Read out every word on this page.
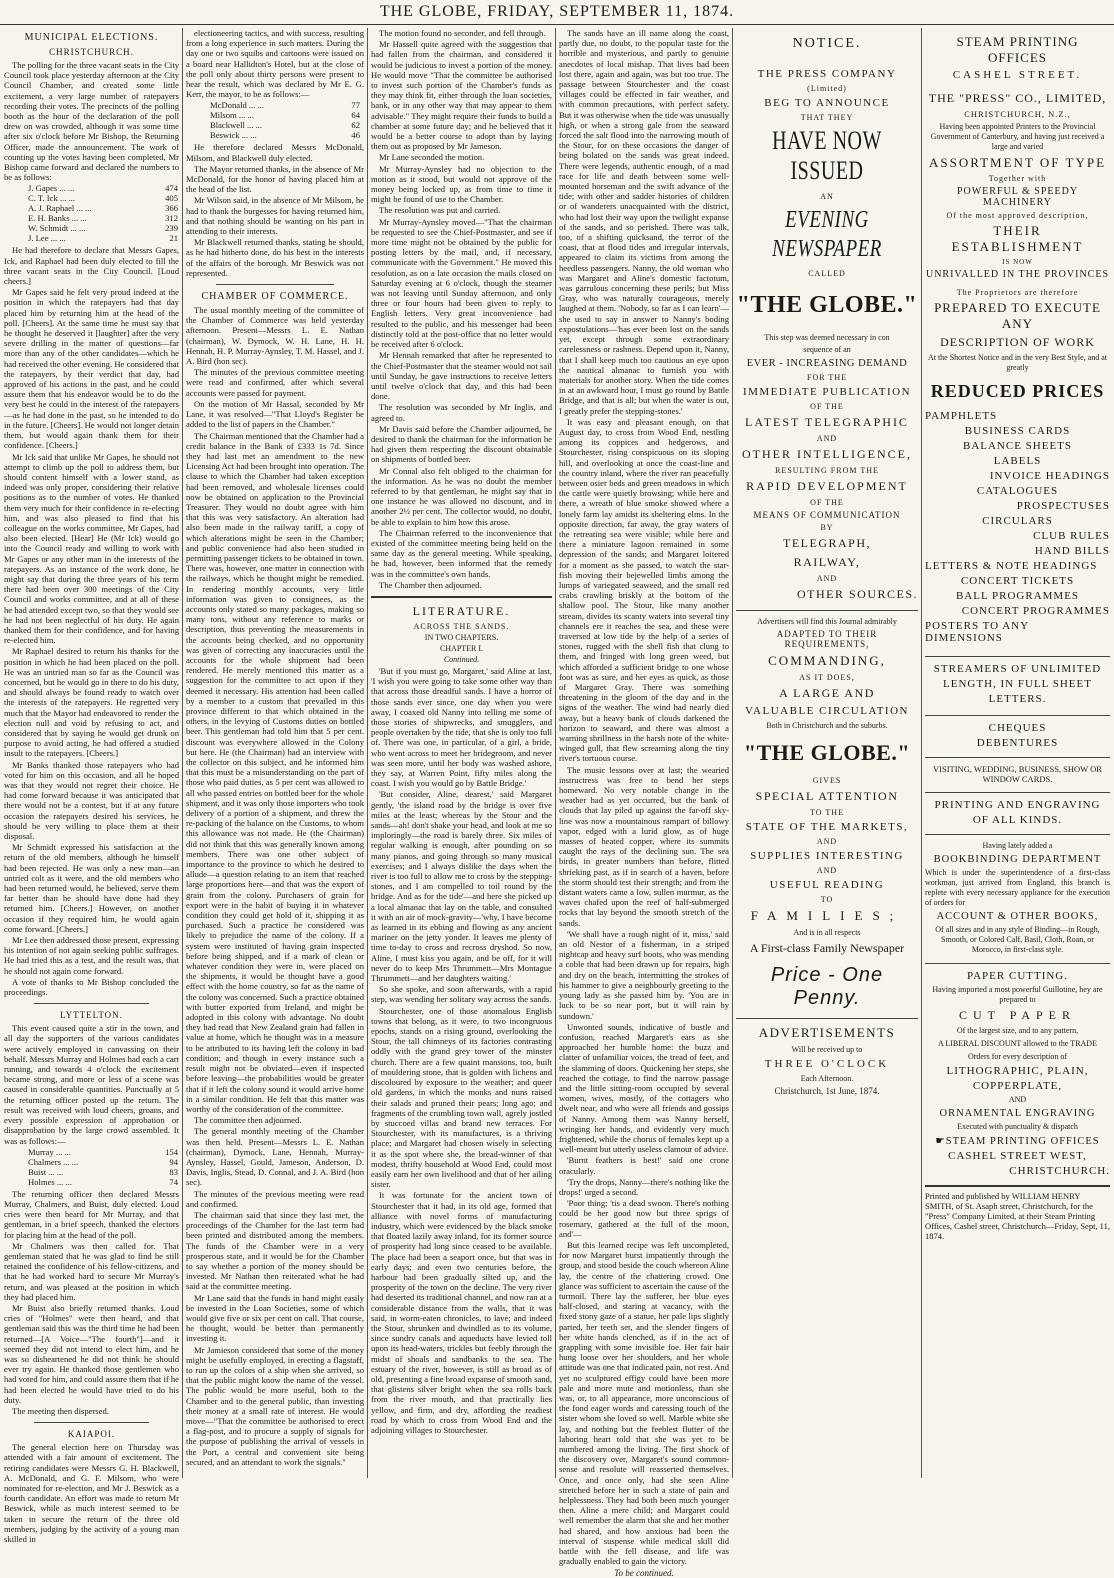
THE GLOBE, FRIDAY, SEPTEMBER 11, 1874.
MUNICIPAL ELECTIONS.
CHRISTCHURCH.

The polling for the three vacant seats in the City Council took place yesterday afternoon at the City Council Chamber, and created some little excitement, a very large number of ratepayers recording their votes. The precincts of the polling booth as the hour of the declaration of the poll drew on was crowded, although it was some time after six o'clock before Mr Bishop, the Returning Officer, made the announcement. The work of counting up the votes having been completed, Mr Bishop came forward and declared the numbers to be as follows:

J. Gapes ... ...	474
C. T. Ick ... ...	405
A. J. Raphael ... ...	366
E. H. Banks ... ...	312
W. Schmidt ... ...	239
J. Lee ... ...	21

He had therefore to declare that Messrs Gapes, Ick, and Raphael had been duly elected to fill the three vacant seats in the City Council. [Loud cheers.]

Mr Gapes said he felt very proud indeed at the position in which the ratepayers had that day placed him by returning him at the head of the poll. [Cheers]. At the same time he must say that he thought he deserved it [laughter] after the very severe drilling in the matter of questions—far more than any of the other candidates—which he had received the other evening. He considered that the ratepayers, by their verdict that day, had approved of his actions in the past, and he could assure them that his endeavor would be to do the very best he could in the interest of the ratepayers—as he had done in the past, so he intended to do in the future. [Cheers]. He would not longer detain them, but would again thank them for their confidence. [Cheers.]

Mr Ick said that unlike Mr Gapes, he should not attempt to climb up the poll to address them, but should content himself with a lower stand, as indeed was only proper, considering their relative positions as to the number of votes. He thanked them very much for their confidence in re-electing him, and was also pleased to find that his colleague on the works committee, Mr Gapes, had also been elected. [Hear] He (Mr Ick) would go into the Council ready and willing to work with Mr Gapes or any other man in the interests of the ratepayers. As an instance of the work done, he might say that during the three years of his term there had been over 300 meetings of the City Council and works committee, and at all of these he had attended except two, so that they would see he had not been neglectful of his duty. He again thanked them for their confidence, and for having re-elected him.

Mr Raphael desired to return his thanks for the position in which he had been placed on the poll. He was an untried man so far as the Council was concerned, but he would go in there to do his duty, and should always be found ready to watch over the interests of the ratepayers. He regretted very much that the Mayor had endeavored to render the election null and void by refusing to act, and considered that by saying he would get drunk on purpose to avoid acting, he had offered a studied insult to the ratepayers. [Cheers.]

Mr Banks thanked those ratepayers who had voted for him on this occasion, and all he hoped was that they would not regret their choice. He had come forward because it was anticipated that there would not be a contest, but if at any future occasion the ratepayers desired his services, he should be very willing to place them at their disposal.

Mr Schmidt expressed his satisfaction at the return of the old members, although he himself had been rejected. He was only a new man—an untried colt as it were, and the old members who had been returned would, he believed, serve them far better than he should have done had they returned him. [Cheers.] However, on another occasion if they required him, he would again come forward. [Cheers.]

Mr Lee then addressed those present, expressing his intention of not again seeking public suffrages. He had tried this as a test, and the result was, that he should not again come forward.

A vote of thanks to Mr Bishop concluded the proceedings.

LYTTELTON.

This event caused quite a stir in the town, and all day the supporters of the various candidates were actively employed in canvassing on their behalf. Messrs Murray and Holmes had each a cart running, and towards 4 o'clock the excitement became strong, and more or less of a scene was caused in considerable quantities. Punctually at 5 the returning officer posted up the return. The result was received with loud cheers, groans, and every possible expression of approbation or disapprobation by the large crowd assembled. It was as follows:—

Murray ... ...	154
Chalmers ... ...	94
Buist ... ...	83
Holmes ... ...	74

The returning officer then declared Messrs Murray, Chalmers, and Buist, duly elected. Loud cries were then heard for Mr Murray, and that gentleman, in a brief speech, thanked the electors for placing him at the head of the poll.

Mr Chalmers was then called for. That gentleman stated that he was glad to find he still retained the confidence of his fellow-citizens, and that he had worked hard to secure Mr Murray's return, and was pleased at the position in which they had placed him.

Mr Buist also briefly returned thanks. Loud cries of "Holmes" were then heard, and that gentleman said this was the third time he had been returned—[A Voice—"The fourth"]—and it seemed they did not intend to elect him, and he was so disheartened he did not think he should ever try again. He thanked those gentlemen who had voted for him, and could assure them that if he had been elected he would have tried to do his duty.

The meeting then dispersed.

KAIAPOI.

The general election here on Thursday was attended with a fair amount of excitement. The retiring candidates were Messrs G. H. Blackwell, A. McDonald, and G. F. Milsom, who were nominated for re-election, and Mr J. Beswick as a fourth candidate. An effort was made to return Mr Beswick, while as much interest seemed to be taken to secure the return of the three old members, judging by the activity of a young man skilled in

electioneering tactics, and with success, resulting from a long experience in such matters. During the day one or two squibs and cartoons were issued on a board near Hallidton's Hotel, but at the close of the poll only about thirty persons were present to hear the result, which was declared by Mr E. G. Kerr, the mayor, to be as follows:—

McDonald ... ...	77
Milsom ... ...	64
Blackwell ... ...	62
Beswick ... ...	46

He therefore declared Messrs McDonald, Milsom, and Blackwell duly elected.

The Mayor returned thanks, in the absence of Mr McDonald, for the honor of having placed him at the head of the list.

Mr Wilson said, in the absence of Mr Milsom, he had to thank the burgesses for having returned him, and that nothing should be wanting on his part in attending to their interests.

Mr Blackwell returned thanks, stating he should, as he had hitherto done, do his best in the interests of the affairs of the borough. Mr Beswick was not represented.

CHAMBER OF COMMERCE.

The usual monthly meeting of the committee of the Chamber of Commerce was held yesterday afternoon. Present—Messrs L. E. Nathan (chairman), W. Dymock, W. H. Lane, H. H. Hennah, H. P. Murray-Aynsley, T. M. Hassel, and J. A. Bird (hon sec).

The minutes of the previous committee meeting were read and confirmed, after which several accounts were passed for payment.

On the motion of Mr Hassal, seconded by Mr Lane, it was resolved—"That Lloyd's Register be added to the list of papers in the Chamber."

The Chairman mentioned that the Chamber had a credit balance in the Bank of £333 1s 7d. Since they had last met an amendment to the new Licensing Act had been brought into operation. The clause to which the Chamber had taken exception had been removed, and wholesale licenses could now be obtained on application to the Provincial Treasurer. They would no doubt agree with him that this was very satisfactory. An alteration had also been made in the railway tariff, a copy of which alterations might be seen in the Chamber; and public convenience had also been studied in permitting passenger tickets to be obtained in town. There was, however, one matter in connection with the railways, which he thought might be remedied. In rendering monthly accounts, very little information was given to consignees, as the accounts only stated so many packages, making so many tons, without any reference to marks or description, thus preventing the measurements in the accounts being checked, and no opportunity was given of correcting any inaccuracies until the accounts for the whole shipment had been rendered. He merely mentioned this matter as a suggestion for the committee to act upon if they deemed it necessary. His attention had been called by a member to a custom that prevailed in this province different to that which obtained in the others, in the levying of Customs duties on bottled beer. This gentleman had told him that 5 per cent. discount was everywhere allowed in the Colony but here. He (the Chairman) had an interview with the collector on this subject, and he informed him that this must be a misunderstanding on the part of those who paid duties, as 5 per cent was allowed to all who passed entries on bottled beer for the whole shipment, and it was only those importers who took delivery of a portion of a shipment, and threw the re-packing of the balance on the Customs, to whom this allowance was not made. He (the Chairman) did not think that this was generally known among members. There was one other subject of importance to the province to which he desired to allude—a question relating to an item that reached large proportions here—and that was the export of grain from the colony. Purchasers of grain for export were in the habit of buying it in whatever condition they could get hold of it, shipping it as purchased. Such a practice he considered was likely to prejudice the name of the colony. If a system were instituted of having grain inspected before being shipped, and if a mark of clean or whatever condition they were in, were placed on the shipments, it would be thought have a good effect with the home country, so far as the name of the colony was concerned. Such a practice obtained with butter exported from Ireland, and might be adopted in this colony with advantage. No doubt they had read that New Zealand grain had fallen in value at home, which he thought was in a measure to be attributed to its having left the colony in bad condition; and though in every instance such a result might not be obviated—even if inspected before leaving—the probabilities would be greater that if it left the colony sound it would arrive home in a similar condition. He felt that this matter was worthy of the consideration of the committee.

The committee then adjourned.

The general monthly meeting of the Chamber was then held. Present—Messrs L. E. Nathan (chairman), Dymock, Lane, Hennah, Murray-Aynsley, Hassel, Gould, Jameson, Anderson, D. Davis, Inglis, Stead, D. Connal, and J. A. Bird (hon sec).

The minutes of the previous meeting were read and confirmed.

The chairman said that since they last met, the proceedings of the Chamber for the last term had been printed and distributed among the members. The funds of the Chamber were in a very prosperous state, and it would be for the Chamber to say whether a portion of the money should be invested. Mr Nathan then reiterated what he had said at the committee meeting.

Mr Lane said that the funds in hand might easily be invested in the Loan Societies, some of which would give five or six per cent on call. That course, he thought, would be better than permanently investing it.

Mr Jamieson considered that some of the money might be usefully employed, in erecting a flagstaff, to run up the colors of a ship when she arrived, so that the public might know the name of the vessel. The public would be more useful, both to the Chamber and to the general public, than investing their money at a small rate of interest. He would move—"That the committee be authorised to erect a flag-post, and to procure a supply of signals for the purpose of publishing the arrival of vessels in the Port, a central and convenient site being secured, and an attendant to work the signals."

The motion found no seconder, and fell through.

Mr Hassell quite agreed with the suggestion that had fallen from the chairman, and considered it would be judicious to invest a portion of the money. He would move "That the committee be authorised to invest such portion of the Chamber's funds as they may think fit, either through the loan societies, bank, or in any other way that may appear to them advisable." They might require their funds to build a chamber at some future day; and he believed that it would be a better course to adopt than by laying them out as proposed by Mr Jameson.

Mr Lane seconded the motion.

Mr Murray-Aynsley had no objection to the motion as it stood, but would not approve of the money being locked up, as from time to time it might be found of use to the Chamber.

The resolution was put and carried.

Mr Murray-Aynsley moved—"That the chairman be requested to see the Chief-Postmaster, and see if more time might not be obtained by the public for posting letters by the mail, and, if necessary, communicate with the Government." He moved this resolution, as on a late occasion the mails closed on Saturday evening at 6 o'clock, though the steamer was not leaving until Sunday afternoon, and only three or four hours had been given to reply to English letters. Very great inconvenience had resulted to the public, and his messenger had been distinctly told at the post-office that no letter would be received after 6 o'clock.

Mr Hennah remarked that after he represented to the Chief-Postmaster that the steamer would not sail until Sunday, he gave instructions to receive letters until twelve o'clock that day, and this had been done.

The resolution was seconded by Mr Inglis, and agreed to.

Mr Davis said before the Chamber adjourned, he desired to thank the chairman for the information he had given them respecting the discount obtainable on shipments of bottled beer.

Mr Connal also felt obliged to the chairman for the information. As he was no doubt the member referred to by that gentleman, he might say that in one instance he was allowed no discount, and in another 2½ per cent. The collector would, no doubt, be able to explain to him how this arose.

The Chairman referred to the inconvenience that existed of the committee meeting being held on the same day as the general meeting. While speaking, he had, however, been informed that the remedy was in the committee's own hands.

The Chamber then adjourned.

LITERATURE.
ACROSS THE SANDS.
IN TWO CHAPTERS.
CHAPTER I.
Continued.

'But if you must go, Margaret,' said Aline at last, 'I wish you were going to take some other way than that across those dreadful sands. I have a horror of those sands ever since, one day when you were away, I coaxed old Nanny into telling me some of those stories of shipwrecks, and smugglers, and people overtaken by the tide, that she is only too full of. There was one, in particular, of a girl, a bride, who went across to meet her bridegroom, and never was seen more, until her body was washed ashore, they say, at Warren Point, fifty miles along the coast. I wish you would go by Battle Bridge.'

'But consider, Aline, dearest,' said Margaret gently, 'the island road by the bridge is over five miles at the least; whereas by the Stour and the sands—ah! don't shake your head, and look at me so imploringly—the road is barely three. Six miles of regular walking is enough, after pounding on so many pianos, and going through so many musical exercises; and I always dislike the days when the river is too full to allow me to cross by the stepping-stones, and I am compelled to toil round by the bridge. And as for the tide'—and here she picked up a local almanac that lay on the table, and consulted it with an air of mock-gravity—'why, I have become as learned in its ebbing and flowing as any ancient mariner on the jetty yonder. It leaves me plenty of time to-day to cross and recross dryshod. So now, Aline, I must kiss you again, and be off, for it will never do to keep Mrs Thrummett—Mrs Montague Thrummett—and her daughters waiting.'

So she spoke, and soon afterwards, with a rapid step, was wending her solitary way across the sands.

Stourchester, one of those anomalous English towns that belong, as it were, to two incongruous epochs, stands on a rising ground, overlooking the Stour, the tall chimneys of its factories contrasting oddly with the grand grey tower of the minster church. There are a few quaint mansions, too, built of mouldering stone, that is golden with lichens and discoloured by exposure to the weather; and queer old gardens, in which the monks and nuns raised their salads and pruned their pears; long ago; and fragments of the crumbling town wall, agrely jostled by stuccoed villas and brand new terraces. For Stourchester, with its manufactures, is a thriving place; and Margaret had chosen wisely in selecting it as the spot where she, the bread-winner of that modest, thrifty household at Wood End, could most easily earn her own livelihood and that of her ailing sister.

It was fortunate for the ancient town of Stourchester that it had, in its old age, formed that alliance with novel forms of manufacturing industry, which were evidenced by the black smoke that floated lazily away inland, for its former source of prosperity had long since ceased to be available. The place had been a seaport once, but that was in early days; and even two centuries before, the harbour had been gradually silted up, and the prosperity of the town on the decline. The very river had deserted its traditional channel, and now ran at a considerable distance from the walls, that it was said, in worm-eaten chronicles, to lave; and indeed the Stour, shrunken and dwindled as to its volume, since sundry canals and aqueducts have levied toll upon its head-waters, trickles but feebly through the midst of shoals and sandbanks to the sea. The estuary of the river, however, is still as broad as of old, presenting a fine broad expanse of smooth sand, that glistens silver bright when the sea rolls back from the river mouth, and that practically lies yellow, and firm, and dry, affording the readiest road by which to cross from Wood End and the adjoining villages to Stourchester.

The sands have an ill name along the coast, partly due, no doubt, to the popular taste for the horrible and mysterious, and partly to genuine anecdotes of local mishap. That lives had been lost there, again and again, was but too true. The passage between Stourchester and the coast villages could be effected in fair weather, and with common precautions, with perfect safety. But it was otherwise when the tide was unusually high, or when a strong gale from the seaward forced the salt flood into the narrowing mouth of the Stour, for on these occasions the danger of being bolated on the sands was great indeed. There were legends, authentic enough, of a mad race for life and death between some well-mounted horseman and the swift advance of the tide; with other and sadder histories of children or of wanderers unacquainted with the district, who had lost their way upon the twilight expanse of the sands, and so perished. There was talk, too, of a shifting quicksand, the terror of the coast, that at flood tides and irregular intervals, appeared to claim its victims from among the heedless passengers. Nanny, the old woman who was Margaret and Aline's domestic factotum, was garrulous concerning these perils; but Miss Gray, who was naturally courageous, merely laughed at them. 'Nobody, so far as I can learn'—she used to say in answer to Nanny's boding expostulations—'has ever been lost on the sands yet, except through some extraordinary carelessness or rashness. Depend upon it, Nanny, that I shall keep much too cautious an eye upon the nautical almanac to furnish you with materials for another story. When the tide comes in at an awkward hour, I must go round by Battle Bridge, and that is all; but when the water is out, I greatly prefer the stepping-stones.'

It was easy and pleasant enough, on that August day, to cross from Wood End, nestling among its coppices and hedgerows, and Stourchester, rising conspicuous on its sloping hill, and overlooking at once the coast-line and the country inland, where the river ran peacefully between osier beds and green meadows in which the cattle were quietly browsing; while here and there, a wreath of blue smoke showed where a lonely farm lay amidst its sheltering elms. In the opposite direction, far away, the gray waters of the retreating sea were visible; while here and there a miniature lagoon remained in some depression of the sands; and Margaret loitered for a moment as she passed, to watch the star-fish moving their bejewelled limbs among the lumps of variegated seaweed, and the small red crabs crawling briskly at the bottom of the shallow pool. The Stour, like many another stream, divides its scanty waters into several tiny channels ere it reaches the sea, and these were traversed at low tide by the help of a series of stones, rugged with the shell fish that clung to them, and fringed with long green weed, but which afforded a sufficient bridge to one whose foot was as sure, and her eyes as quick, as those of Margaret Gray. There was something threatening in the gloom of the day and in the signs of the weather. The wind had nearly died away, but a heavy bank of clouds darkened the horizon to seaward, and there was almost a warning shrillness in the harsh note of the white-winged gull, that flew screaming along the tiny river's tortuous course.

The music lessons over at last; the wearied instructress was free to bend her steps homeward. No very notable change in the weather had as yet occurred, but the bank of clouds that lay piled up against the far-off sky-line was now a mountainous rampart of billowy vapor, edged with a lurid glow, as of huge masses of heated copper, where its summits caught the rays of the declining sun. The sea birds, in greater numbers than before, flitted shrieking past, as if in search of a haven, before the storm should test their strength; and from the distant waters came a low, sullen murmur, as the waves chafed upon the reef of half-submerged rocks that lay beyond the smooth stretch of the sands.

'We shall have a rough night of it, miss,' said an old Nestor of a fisherman, in a striped nightcap and heavy surf boots, who was mending a coble that had been drawn up for repairs, high and dry on the beach, intermitting the strokes of his hammer to give a neighbourly greeting to the young lady as she passed him by. 'You are in luck to be so near port, but it will rain by sundown.'

Unwonted sounds, indicative of bustle and confusion, reached Margaret's ears as she approached her humble home: the buzz and clatter of unfamiliar voices, the tread of feet, and the slamming of doors. Quickening her steps, she reached the cottage, to find the narrow passage and the little sitting-room occupied by several women, wives, mostly, of the cottagers who dwelt near, and who were all friends and gossips of Nanny. Among them was Nanny herself, wringing her hands, and evidently very much frightened, while the chorus of females kept up a well-meant but utterly useless clamour of advice.

'Burnt feathers is best!' said one crone oracularly.

'Try the drops, Nanny—there's nothing like the drops!' urged a second.

'Poor thing; 'tis a dead swoon. There's nothing could be her good now but three sprigs of rosemary, gathered at the full of the moon, and'—

But this learned recipe was left uncompleted, for now Margaret burst impatiently through the group, and stood beside the couch whereon Aline lay, the centre of the chattering crowd. One glance was sufficient to ascertain the cause of the turmoil. There lay the sufferer, her blue eyes half-closed, and staring at vacancy, with the fixed stony gaze of a statue, her pale lips slightly parted, her teeth set, and the slender fingers of her white hands clenched, as if in the act of grappling with some invisible foe. Her fair hair hung loose over her shoulders, and her whole attitude was one that indicated pain, not rest. And yet no sculptured effigy could have been more pale and more mute and motionless, than she was, or, to all appearance, more unconscious of the fond eager words and caressing touch of the sister whom she loved so well. Marble white she lay, and nothing but the feeblest flutter of the laboring heart told that she was yet to be numbered among the living. The first shock of the discovery over, Margaret's sound common-sense and resolute will reasserted themselves. Once, and once only, had she seen Aline stretched before her in such a state of pain and helplessness. They had both been much younger then. Aline a mere child; and Margaret could well remember the alarm that she and her mother had shared, and how anxious had been the interval of suspense while medical skill did battle with the fell disease, and life was gradually enabled to gain the victory.

To be continued.
NOTICE.
THE PRESS COMPANY
(Limited)
BEG TO ANNOUNCE
THAT THEY
HAVE NOW ISSUED
AN
EVENING NEWSPAPER
CALLED
"THE GLOBE."
This step was deemed necessary in con
sequence of an
EVER - INCREASING DEMAND
FOR THE
IMMEDIATE PUBLICATION
OF THE
LATEST TELEGRAPHIC
AND
OTHER INTELLIGENCE,
RESULTING FROM THE
RAPID DEVELOPMENT
OF THE
MEANS OF COMMUNICATION
BY
TELEGRAPH,
RAILWAY,
AND
OTHER SOURCES.
Advertisers will find this Journal admirably
ADAPTED TO THEIR REQUIREMENTS,
COMMANDING,
AS IT DOES,
A LARGE AND
VALUABLE CIRCULATION
Both in Christchurch and the suburbs.
"THE GLOBE."
GIVES
SPECIAL ATTENTION
TO THE
STATE OF THE MARKETS,
AND
SUPPLIES INTERESTING
AND
USEFUL READING
TO
FAMILIES;
And is in all respects
A First-class Family Newspaper
Price - One Penny.
ADVERTISEMENTS
Will be received up to
THREE O'CLOCK
Each Afternoon.
Christchurch, 1st June, 1874.
STEAM PRINTING OFFICES
CASHEL STREET.
THE "PRESS" CO., LIMITED,
CHRISTCHURCH, N.Z.,
Having been appointed Printers to the Provincial Government of Canterbury, and having just received a large and varied
ASSORTMENT OF TYPE
Together with
POWERFUL & SPEEDY MACHINERY
Of the most approved description,
THEIR ESTABLISHMENT
IS NOW
UNRIVALLED IN THE PROVINCES
The Proprietors are therefore
PREPARED TO EXECUTE ANY
DESCRIPTION OF WORK
At the Shortest Notice and in the very Best Style, and at greatly
REDUCED PRICES
PAMPHLETS
BUSINESS CARDS
BALANCE SHEETS
LABELS
INVOICE HEADINGS
CATALOGUES
PROSPECTUSES
CIRCULARS
CLUB RULES
HAND BILLS
LETTERS & NOTE HEADINGS
CONCERT TICKETS
BALL PROGRAMMES
CONCERT PROGRAMMES
POSTERS TO ANY DIMENSIONS
STREAMERS OF UNLIMITED
LENGTH, IN FULL SHEET
LETTERS.
CHEQUES
DEBENTURES
VISITING, WEDDING, BUSINESS, SHOW OR WINDOW CARDS.
PRINTING AND ENGRAVING
OF ALL KINDS.
Having lately added a
BOOKBINDING DEPARTMENT
Which is under the superintendence of a first-class workman, just arrived from England, this branch is replete with every necessary appliance for the execution of orders for
ACCOUNT & OTHER BOOKS,
Of all sizes and in any style of Binding—in Rough, Smooth, or Colored Calf, Basil, Cloth, Roan, or Morocco, in first-class style.
PAPER CUTTING.
Having imported a most powerful Guillotine, hey are prepared to
CUT PAPER
Of the largest size, and to any pattern,
A LIBERAL DISCOUNT allowed to the TRADE
Orders for every description of
LITHOGRAPHIC, PLAIN,
COPPERPLATE,
AND
ORNAMENTAL ENGRAVING
Executed with punctuality & dispatch
☛STEAM PRINTING OFFICES
CASHEL STREET WEST,
CHRISTCHURCH.
Printed and published by WILLIAM HENRY SMITH, of St. Asaph street, Christchurch, for the "Press" Company Limited, at their Steam Printing Offices, Cashel street, Christchurch—Friday, Sept, 11, 1874.
